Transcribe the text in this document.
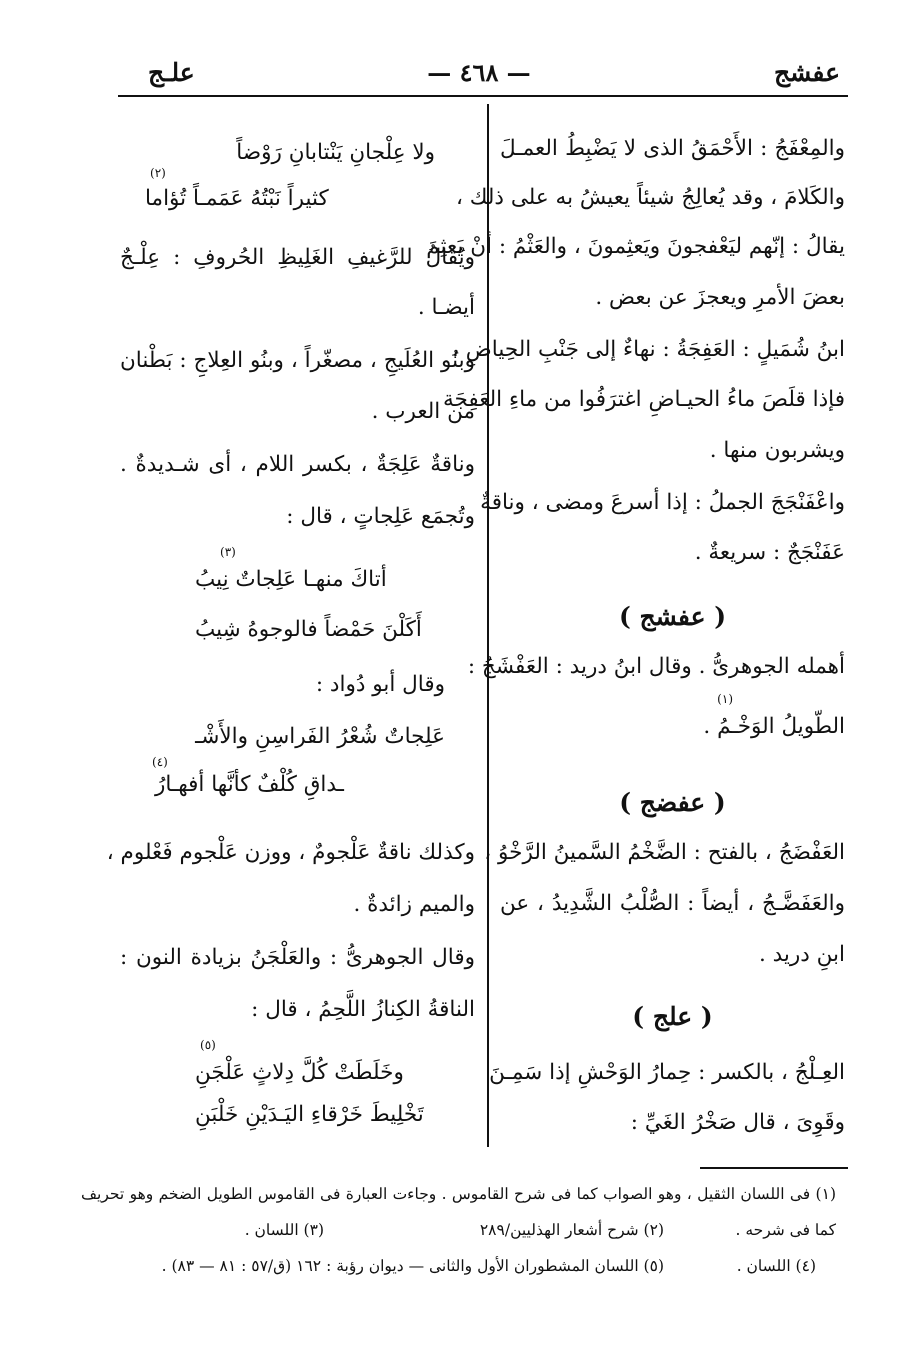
عفشج
— ٤٦٨ —
علـج
والمِعْفَجُ : الأَحْمَقُ الذى لا يَضْبِطُ العمـلَ
والكَلامَ ، وقد يُعالِجُ شيئاً يعيشُ به على ذلك ،
يقالُ : إنّهم ليَعْفجونَ ويَعثِمونَ ، والعَثْمُ : أنْ يَعثِمَ
بعضَ الأمرِ ويعجزَ عن بعض .
ابنُ شُمَيلٍ : العَفِجَةُ : نهاءٌ إلى جَنْبِ الحِياضِ ،
فإذا قلَصَ ماءُ الحيـاضِ اغترَفُوا من ماءِ العَفِجَة
ويشربون منها .
واعْفَنْجَجَ الجملُ : إذا أسرعَ ومضى ، وناقةٌ
عَفَنْجَجٌ : سريعةٌ .
( عفشج )
أهمله الجوهرىُّ . وقال ابنُ دريد : العَفْشَجُ :
الطّويلُ الوَخْـمُ .
(١)
( عفضج )
العَفْضَجُ ، بالفتح : الضَّخْمُ السَّمينُ الرَّخْوُ ،
والعَفَضَّـجُ ، أيضاً : الصُّلْبُ الشَّدِيدُ ، عن
ابنِ دريد .
( علج )
العِـلْجُ ، بالكسر : حِمارُ الوَحْشِ إذا سَمِـنَ
وقَوِىَ ، قال صَخْرُ الغَيِّ :
ولا عِلْجانِ يَنْتابانِ رَوْضاً
كثيراً نَبْتُهُ عَمَمـاً تُؤاما
(٢)
ويُقالُ للرَّغيفِ الغَلِيظِ الحُروفِ : عِلْـجٌ
أيضـا .
وبنُو العُلَيجِ ، مصغّراً ، وبنُو العِلاجِ : بَطْنان
من العرب .
وناقةٌ عَلِجَةٌ ، بكسر اللام ، أى شـديدةٌ .
وتُجمَع عَلِجاتٍ ، قال :
(٣)
أتاكَ منهـا عَلِجاتٌ نِيبُ
أَكَلْنَ حَمْضاً فالوجوهُ شِيبُ
وقال أبو دُواد :
عَلِجاتٌ شُعْرُ الفَراسِنِ والأَشْـ
ـداقِ كُلْفٌ كأنَّها أفهـارُ
(٤)
وكذلك ناقةٌ عَلْجومٌ ، ووزن عَلْجوم فَعْلوم ،
والميم زائدةٌ .
وقال الجوهرىُّ : والعَلْجَنُ بزيادة النون :
الناقةُ الكِنازُ اللَّحِمُ ، قال :
(٥)
وخَلَطَتْ كُلَّ دِلاثٍ عَلْجَنِ
تَخْلِيطَ خَرْقاءِ اليَـدَيْنِ خَلْبَنِ
(١) فى اللسان الثقيل ، وهو الصواب كما فى شرح القاموس . وجاءت العبارة فى القاموس الطويل الضخم وهو تحريف
كما فى شرحه .
(٢) شرح أشعار الهذليين/٢٨٩
(٣) اللسان .
(٤) اللسان .
(٥) اللسان المشطوران الأول والثانى — ديوان رؤبة : ١٦٢ (ق/٥٧ : ٨١ — ٨٣) .
